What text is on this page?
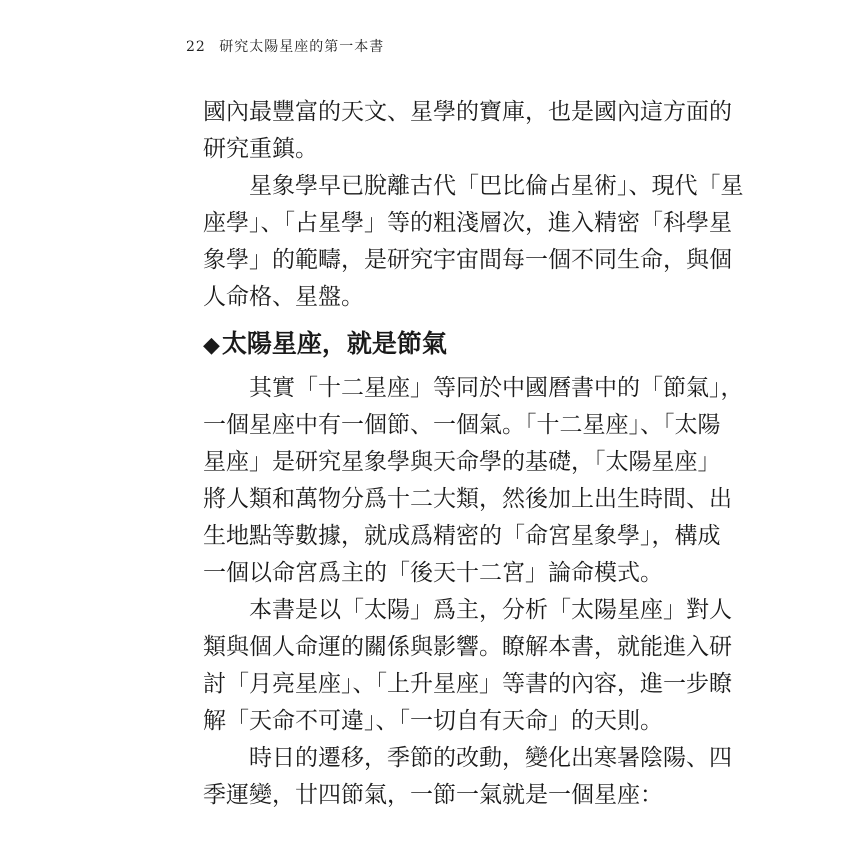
22 研究太陽星座的第一本書
國內最豐富的天文、星學的寶庫，也是國內這方面的
研究重鎮。
星象學早已脫離古代「巴比倫占星術」、現代「星
座學」、「占星學」等的粗淺層次，進入精密「科學星
象學」的範疇，是研究宇宙間每一個不同生命，與個
人命格、星盤。
◆太陽星座，就是節氣
其實「十二星座」等同於中國曆書中的「節氣」，
一個星座中有一個節、一個氣。「十二星座」、「太陽
星座」是研究星象學與天命學的基礎，「太陽星座」
將人類和萬物分爲十二大類，然後加上出生時間、出
生地點等數據，就成爲精密的「命宮星象學」，構成
一個以命宮爲主的「後天十二宮」論命模式。
本書是以「太陽」爲主，分析「太陽星座」對人
類與個人命運的關係與影響。瞭解本書，就能進入研
討「月亮星座」、「上升星座」等書的內容，進一步瞭
解「天命不可違」、「一切自有天命」的天則。
時日的遷移，季節的改動，變化出寒暑陰陽、四
季運變，廿四節氣，一節一氣就是一個星座：
